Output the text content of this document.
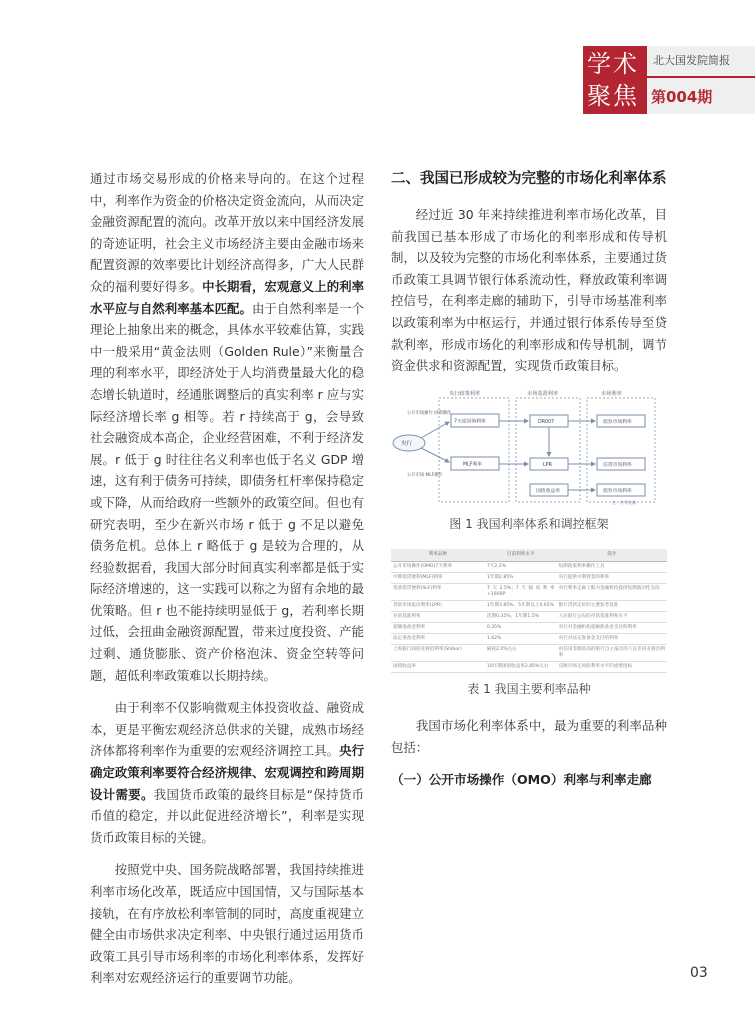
学术
聚焦
北大国发院简报
第004期

通过市场交易形成的价格来导向的。在这个过程中，利率作为资金的价格决定资金流向，从而决定金融资源配置的流向。改革开放以来中国经济发展的奇迹证明，社会主义市场经济主要由金融市场来配置资源的效率要比计划经济高得多，广大人民群众的福利要好得多。中长期看，宏观意义上的利率水平应与自然利率基本匹配。由于自然利率是一个理论上抽象出来的概念，具体水平较难估算，实践中一般采用“黄金法则（Golden Rule）”来衡量合理的利率水平，即经济处于人均消费量最大化的稳态增长轨道时，经通胀调整后的真实利率 r 应与实际经济增长率 g 相等。若 r 持续高于 g，会导致社会融资成本高企，企业经营困难，不利于经济发展。r 低于 g 时往往名义利率也低于名义 GDP 增速，这有利于债务可持续，即债务杠杆率保持稳定或下降，从而给政府一些额外的政策空间。但也有研究表明，至少在新兴市场 r 低于 g 不足以避免债务危机。总体上 r 略低于 g 是较为合理的，从经验数据看，我国大部分时间真实利率都是低于实际经济增速的，这一实践可以称之为留有余地的最优策略。但 r 也不能持续明显低于 g，若利率长期过低，会扭曲金融资源配置，带来过度投资、产能过剩、通货膨胀、资产价格泡沫、资金空转等问题，超低利率政策难以长期持续。

由于利率不仅影响微观主体投资收益、融资成本，更是平衡宏观经济总供求的关键，成熟市场经济体都将利率作为重要的宏观经济调控工具。央行确定政策利率要符合经济规律、宏观调控和跨周期设计需要。我国货币政策的最终目标是“保持货币币值的稳定，并以此促进经济增长”，利率是实现货币政策目标的关键。

按照党中央、国务院战略部署，我国持续推进利率市场化改革，既适应中国国情，又与国际基本接轨，在有序放松利率管制的同时，高度重视建立健全由市场供求决定利率、中央银行通过运用货币政策工具引导市场利率的市场化利率体系，发挥好利率对宏观经济运行的重要调节功能。

二、我国已形成较为完整的市场化利率体系

经过近 30 年来持续推进利率市场化改革，目前我国已基本形成了市场化的利率形成和传导机制，以及较为完整的市场化利率体系，主要通过货币政策工具调节银行体系流动性，释放政策利率调控信号，在利率走廊的辅助下，引导市场基准利率以政策利率为中枢运行，并通过银行体系传导至贷款利率，形成市场化的利率形成和传导机制，调节资金供求和资源配置，实现货币政策目标。

央行政策利率	市场基准利率	市场利率
央行
公开市场操作 回购操作
公开市场 MLF操作
7天逆回购利率
MLF利率
DR007
LPR
国债收益率
债券市场利率
信贷市场利率
债券市场利率
注：传导机制
图 1 我国利率体系和调控框架
利率品种	目前利率水平	简介
公开市场操作(OMO)7天利率	7天2.2%	短期政策利率操作工具
中期借贷便利(MLF)利率	1年期2.85%	央行提供中期资金的利率
常备借贷便利(SLF)利率	7天2.5%；7天隔夜利率+100BP	央行利率走廊上限为金融机构提供短期流动性支持
贷款市场报价利率(LPR)	1年期3.85%，5年期以上4.65%	银行贷款定价的主要参考基准
存款基准利率	活期0.35%，1年期1.5%	人民银行公布的存款基准利率水平
超额准备金利率	0.35%	央行对金融机构超额准备金支付的利率
法定准备金利率	1.62%	央行对法定准备金支付的利率
上海银行间同业拆借利率(Shibor)	隔夜2.0%左右	由信用等级较高的银行自主报出的人民币同业拆出利率
国债收益率	10年期国债收益率2.85%左右	反映市场无风险利率水平的重要指标
表 1 我国主要利率品种

我国市场化利率体系中，最为重要的利率品种包括：

（一）公开市场操作（OMO）利率与利率走廊
03
